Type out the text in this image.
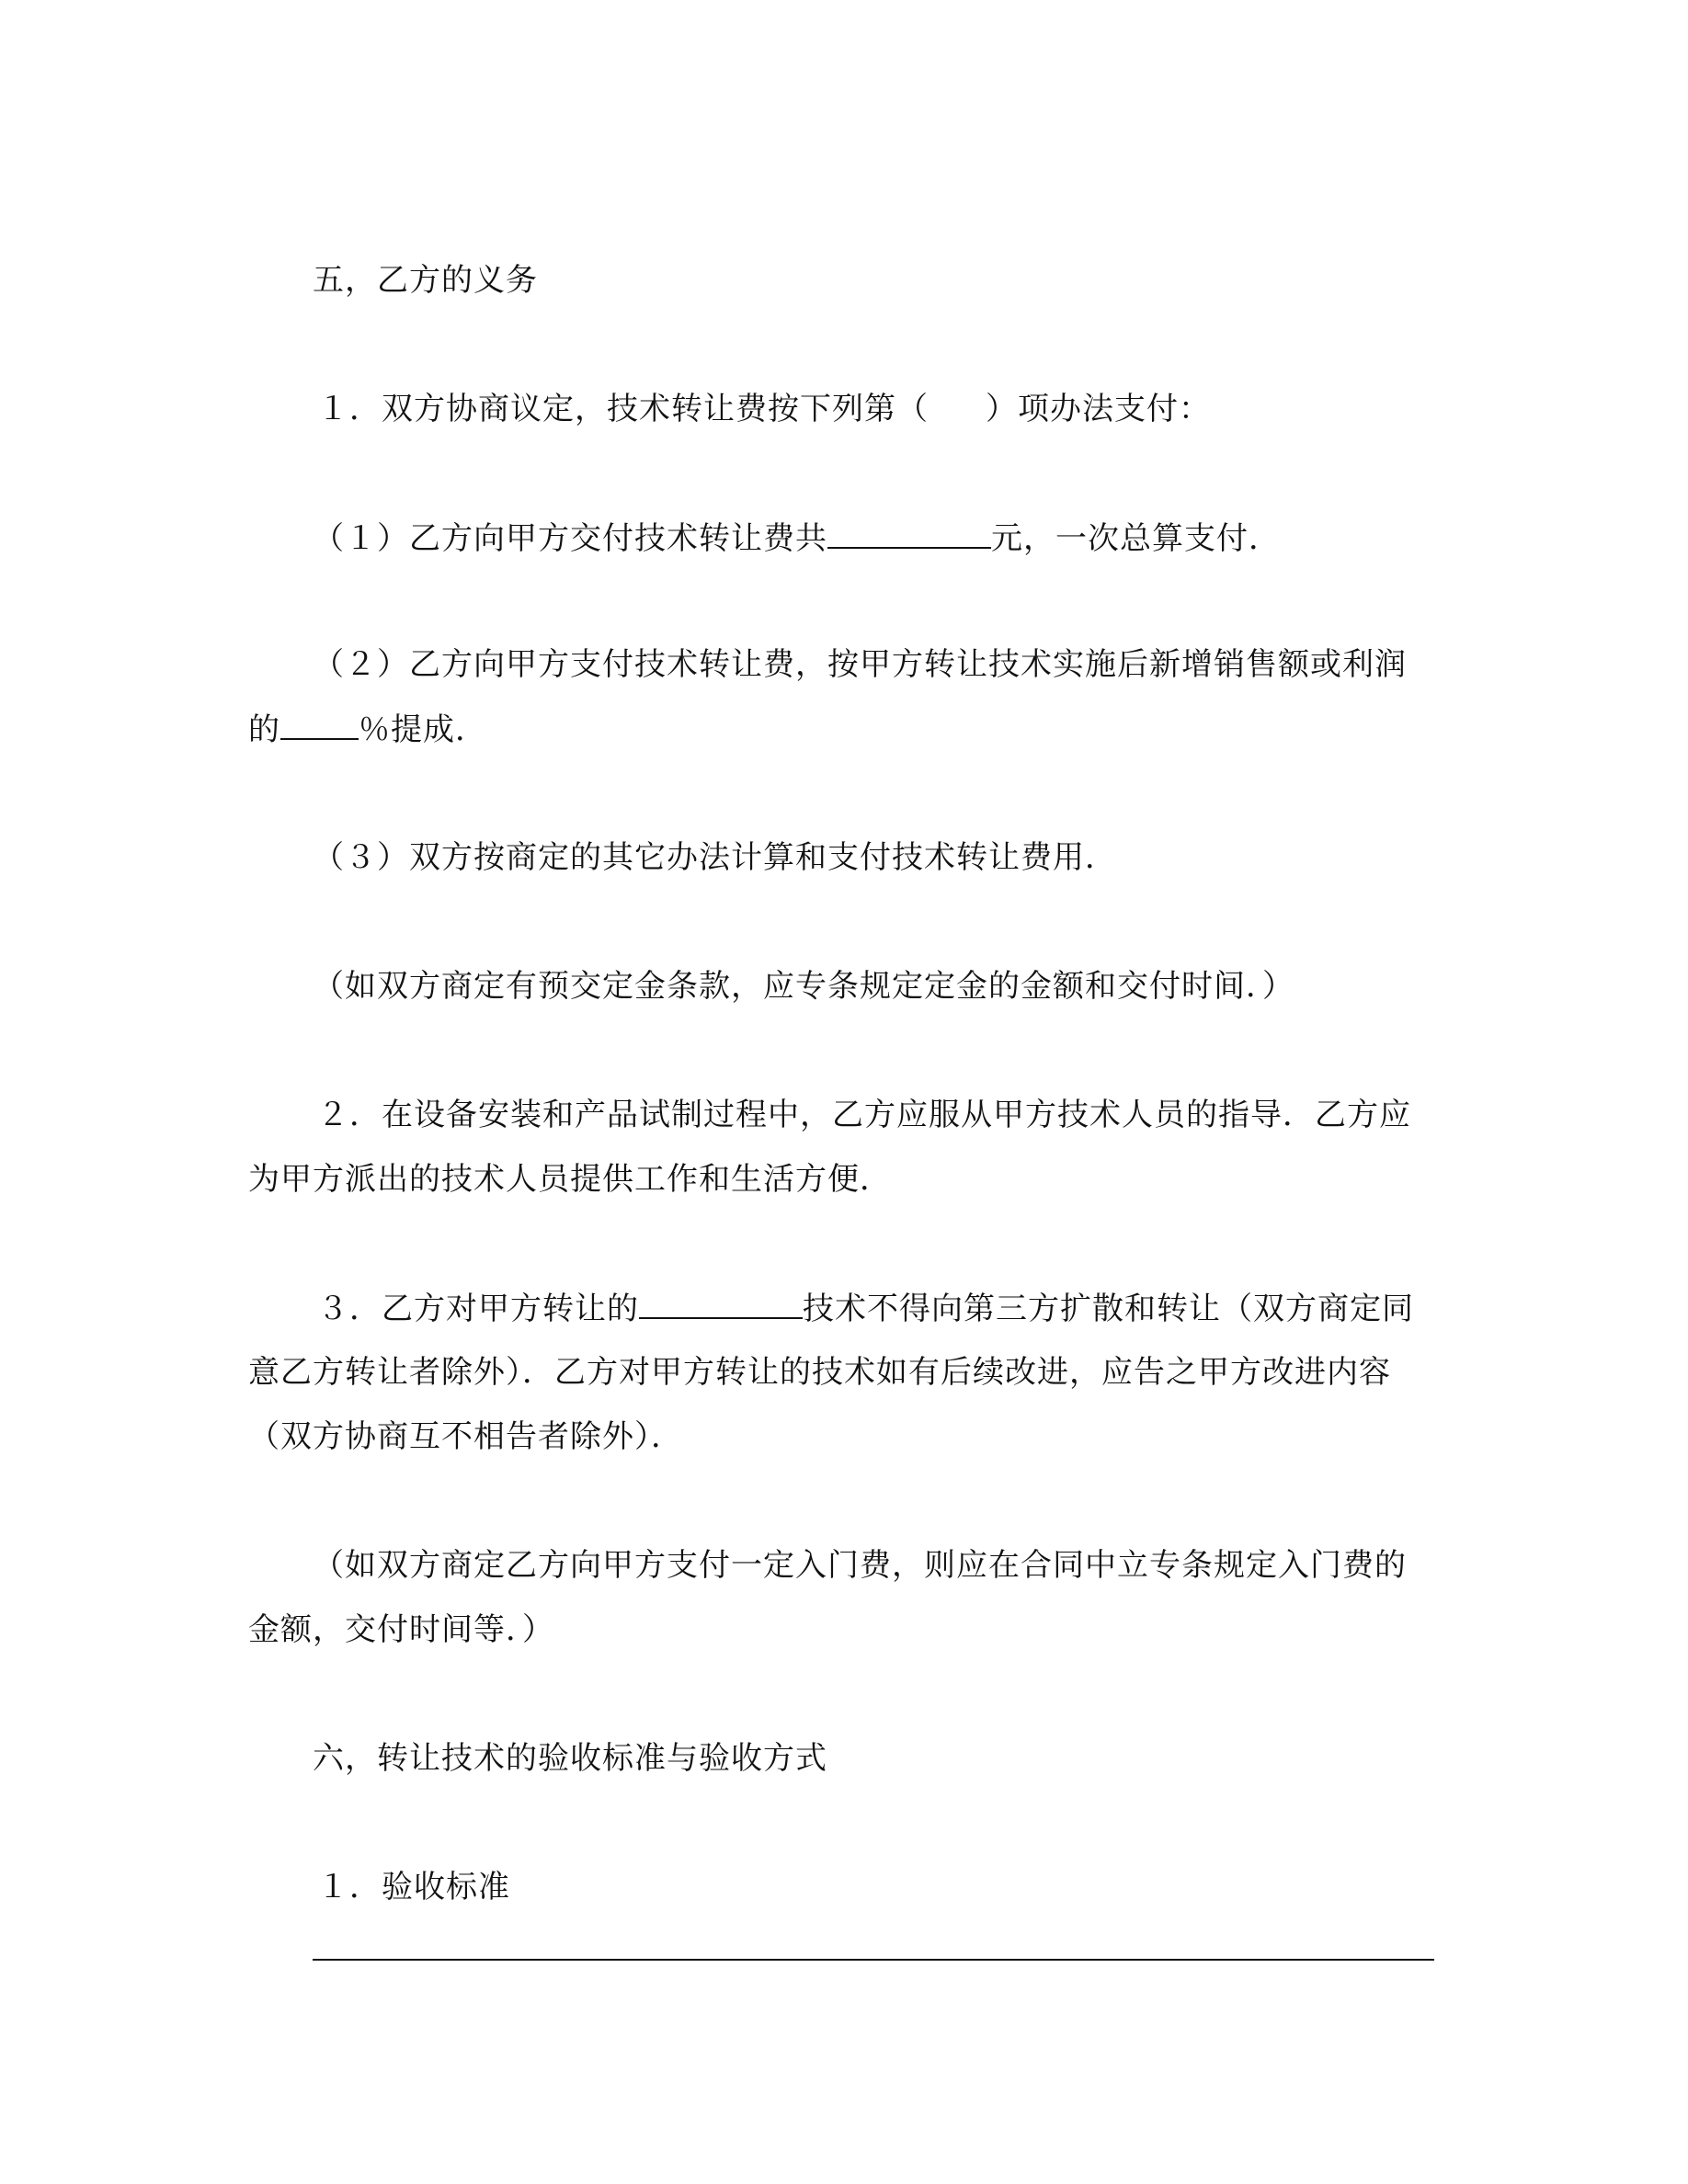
五，乙方的义务
１．双方协商议定，技术转让费按下列第（ ）项办法支付：
（１）乙方向甲方交付技术转让费共	元，一次总算支付．
（２）乙方向甲方支付技术转让费，按甲方转让技术实施后新增销售额或利润
的	％提成．
（３）双方按商定的其它办法计算和支付技术转让费用．
（如双方商定有预交定金条款，应专条规定定金的金额和交付时间．）
２．在设备安装和产品试制过程中，乙方应服从甲方技术人员的指导．乙方应
为甲方派出的技术人员提供工作和生活方便．
３．乙方对甲方转让的	技术不得向第三方扩散和转让（双方商定同
意乙方转让者除外）．乙方对甲方转让的技术如有后续改进，应告之甲方改进内容
（双方协商互不相告者除外）．
（如双方商定乙方向甲方支付一定入门费，则应在合同中立专条规定入门费的
金额，交付时间等．）
六，转让技术的验收标准与验收方式
１．验收标准
